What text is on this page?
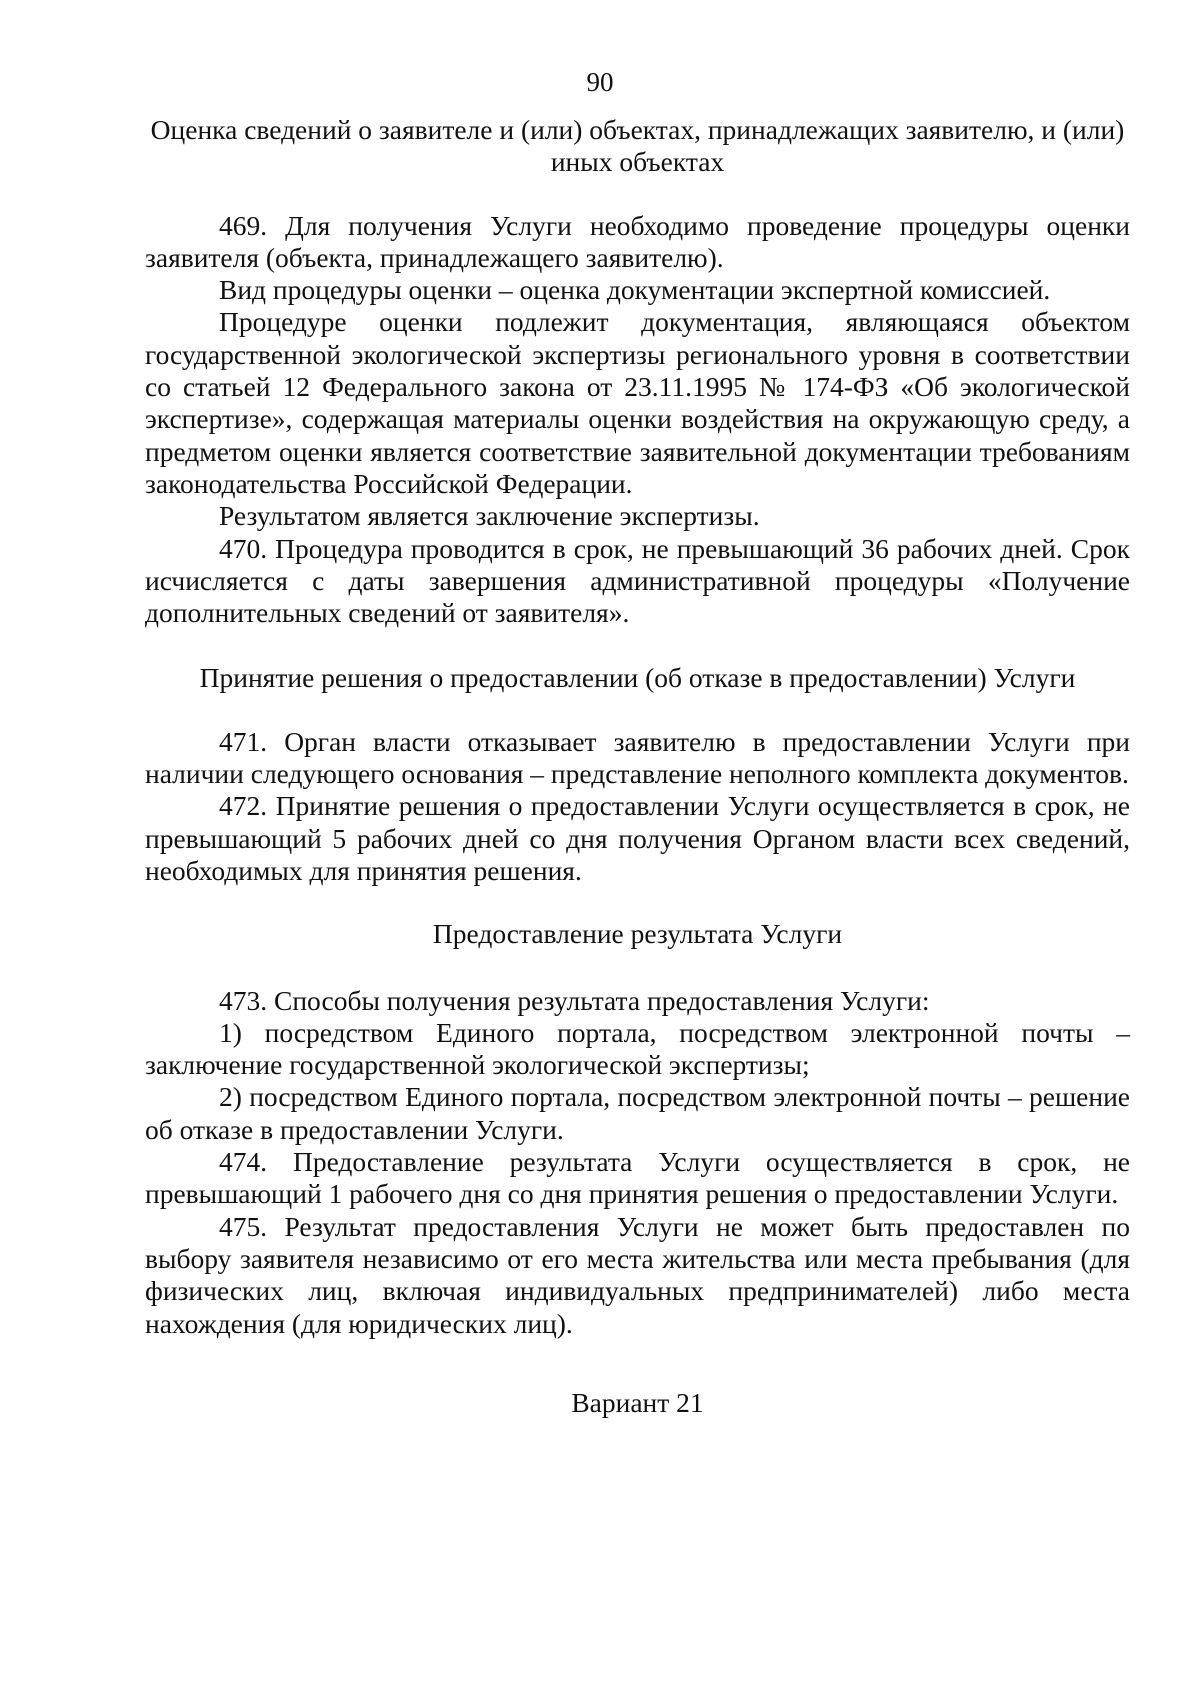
90

Оценка сведений о заявителе и (или) объектах, принадлежащих заявителю, и (или) иных объектах

469. Для получения Услуги необходимо проведение процедуры оценки заявителя (объекта, принадлежащего заявителю).

Вид процедуры оценки – оценка документации экспертной комиссией.

Процедуре оценки подлежит документация, являющаяся объектом государственной экологической экспертизы регионального уровня в соответствии со статьей 12 Федерального закона от 23.11.1995 № 174-ФЗ «Об экологической экспертизе», содержащая материалы оценки воздействия на окружающую среду, а предметом оценки является соответствие заявительной документации требованиям законодательства Российской Федерации.

Результатом является заключение экспертизы.

470. Процедура проводится в срок, не превышающий 36 рабочих дней. Срок исчисляется с даты завершения административной процедуры «Получение дополнительных сведений от заявителя».

Принятие решения о предоставлении (об отказе в предоставлении) Услуги

471. Орган власти отказывает заявителю в предоставлении Услуги при наличии следующего основания – представление неполного комплекта документов.

472. Принятие решения о предоставлении Услуги осуществляется в срок, не превышающий 5 рабочих дней со дня получения Органом власти всех сведений, необходимых для принятия решения.

Предоставление результата Услуги

473. Способы получения результата предоставления Услуги:

1) посредством Единого портала, посредством электронной почты – заключение государственной экологической экспертизы;

2) посредством Единого портала, посредством электронной почты – решение об отказе в предоставлении Услуги.

474. Предоставление результата Услуги осуществляется в срок, не превышающий 1 рабочего дня со дня принятия решения о предоставлении Услуги.

475. Результат предоставления Услуги не может быть предоставлен по выбору заявителя независимо от его места жительства или места пребывания (для физических лиц, включая индивидуальных предпринимателей) либо места нахождения (для юридических лиц).

Вариант 21
